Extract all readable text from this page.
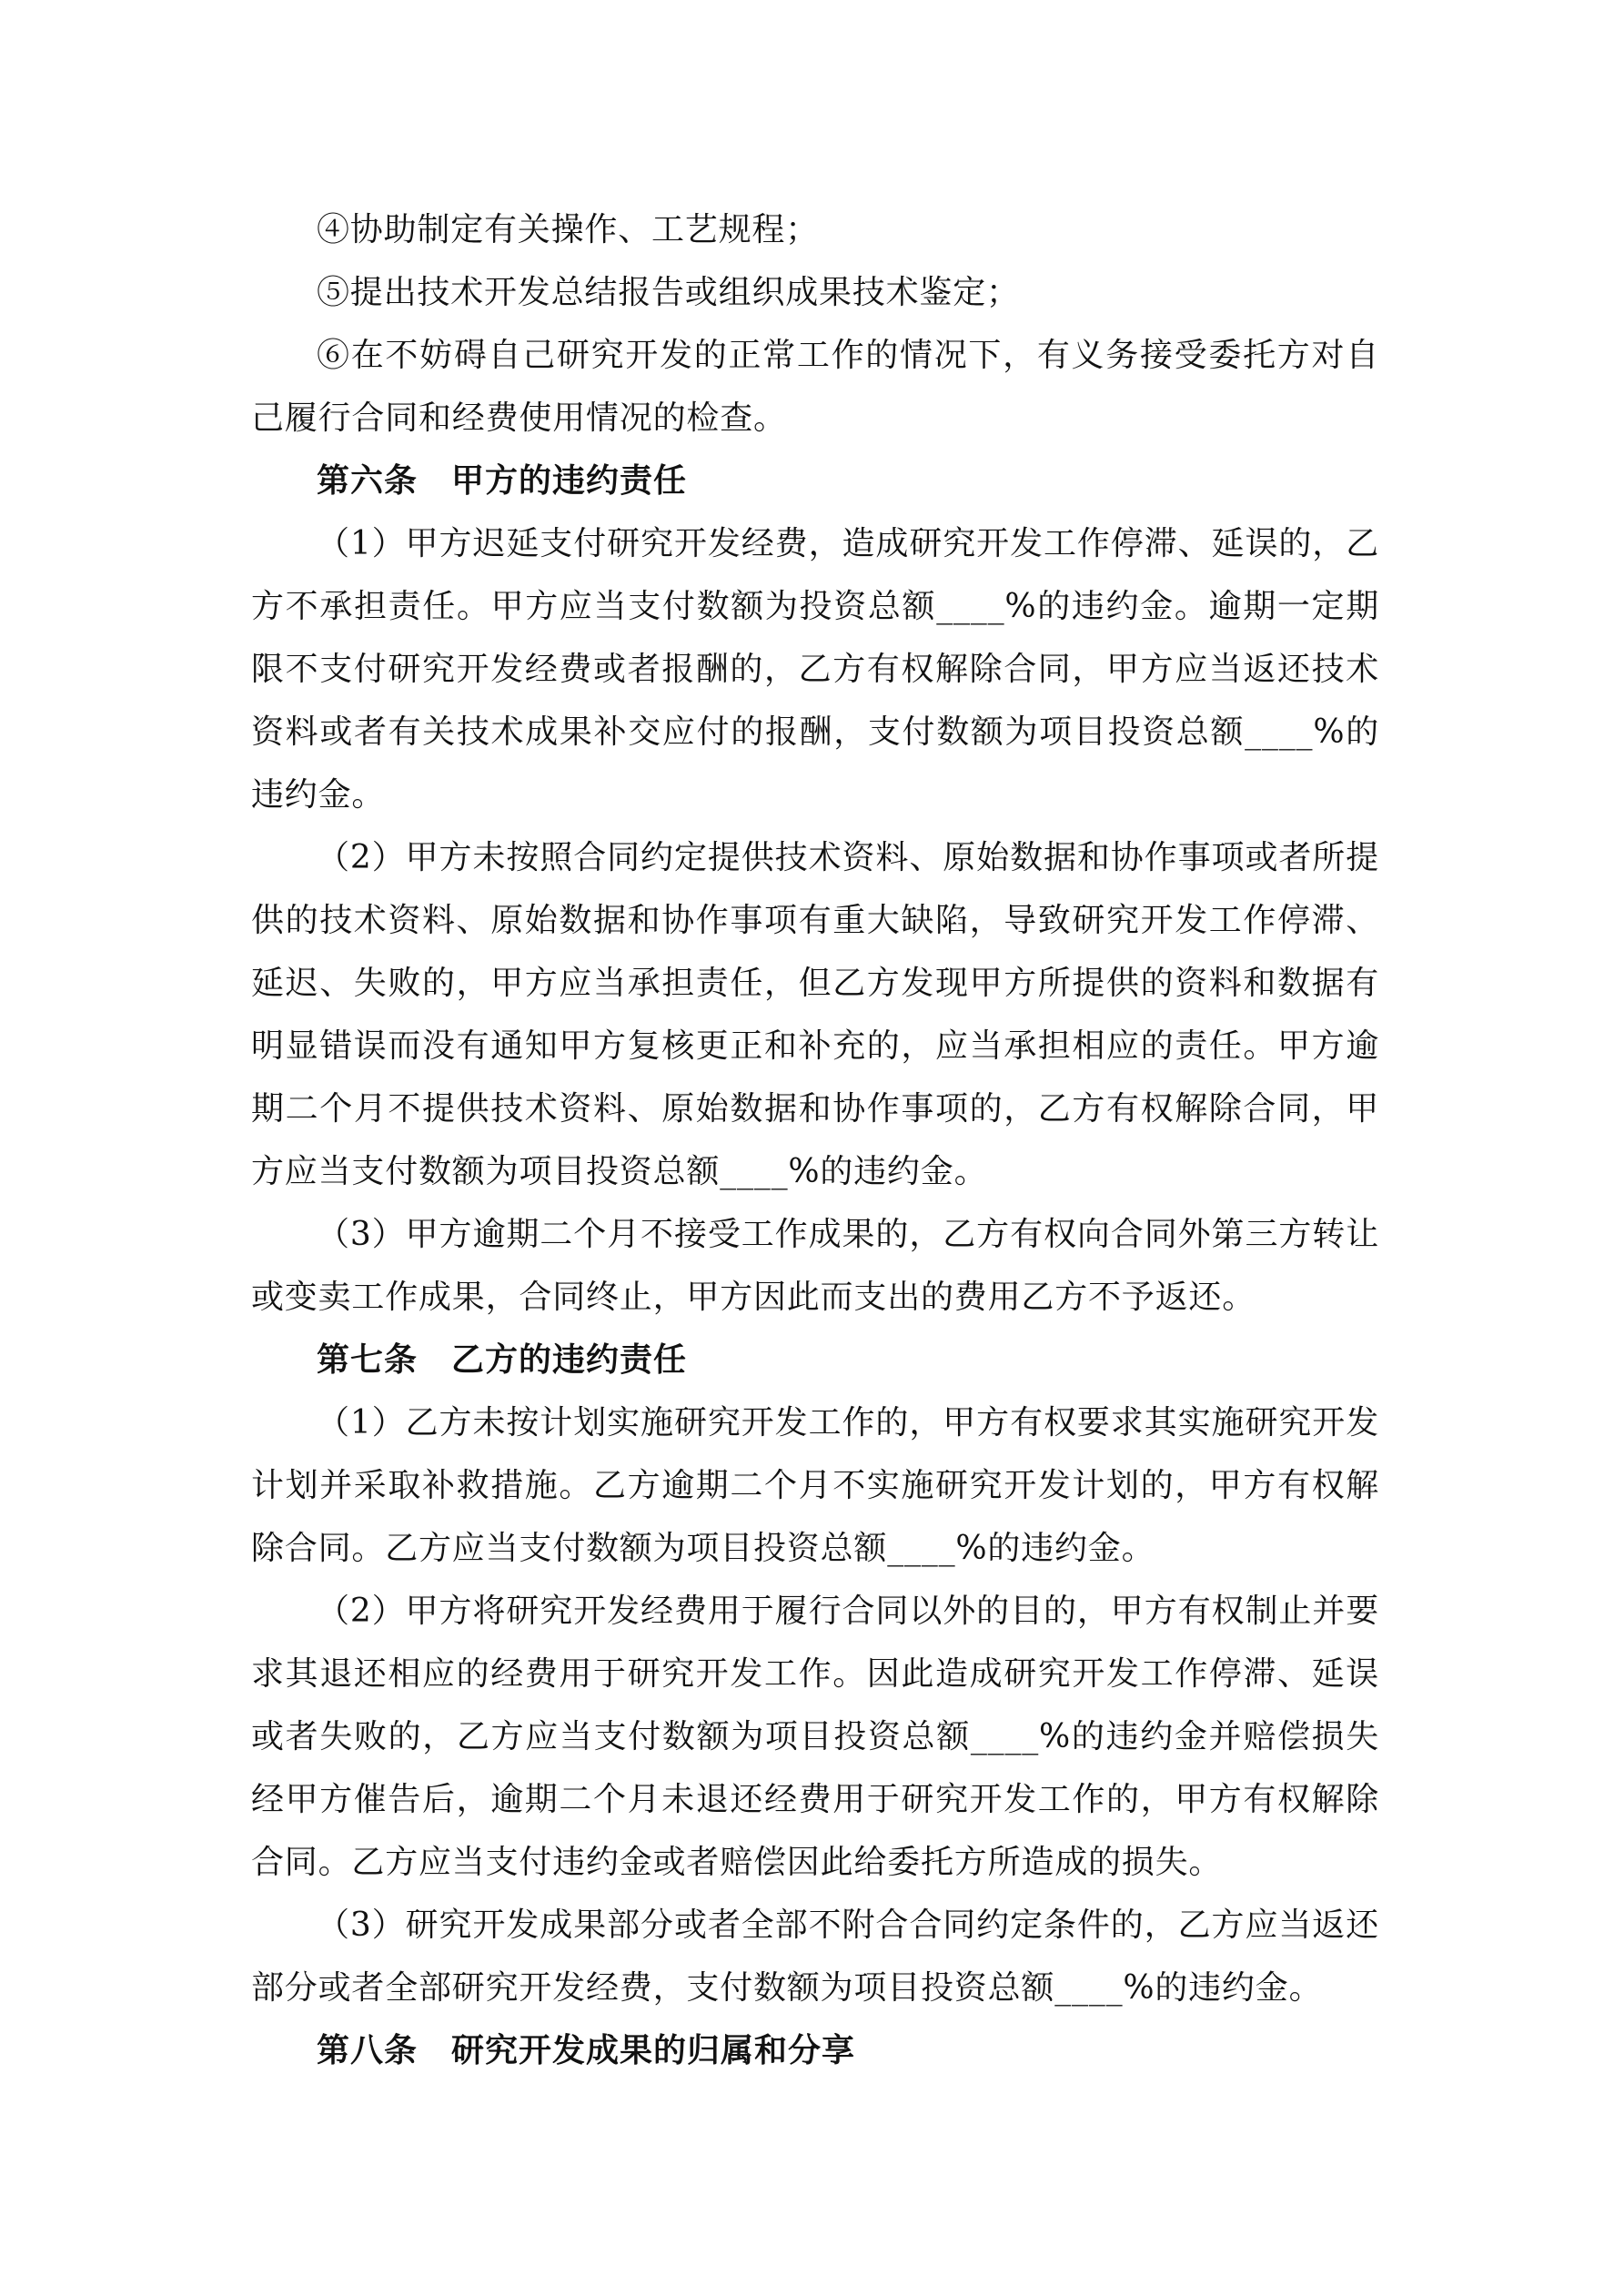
④协助制定有关操作、工艺规程；

⑤提出技术开发总结报告或组织成果技术鉴定；

⑥在不妨碍自己研究开发的正常工作的情况下，有义务接受委托方对自己履行合同和经费使用情况的检查。

第六条　甲方的违约责任

（1）甲方迟延支付研究开发经费，造成研究开发工作停滞、延误的，乙方不承担责任。甲方应当支付数额为投资总额____%的违约金。逾期一定期限不支付研究开发经费或者报酬的，乙方有权解除合同，甲方应当返还技术资料或者有关技术成果补交应付的报酬，支付数额为项目投资总额____%的违约金。

（2）甲方未按照合同约定提供技术资料、原始数据和协作事项或者所提供的技术资料、原始数据和协作事项有重大缺陷，导致研究开发工作停滞、延迟、失败的，甲方应当承担责任，但乙方发现甲方所提供的资料和数据有明显错误而没有通知甲方复核更正和补充的，应当承担相应的责任。甲方逾期二个月不提供技术资料、原始数据和协作事项的，乙方有权解除合同，甲方应当支付数额为项目投资总额____%的违约金。

（3）甲方逾期二个月不接受工作成果的，乙方有权向合同外第三方转让或变卖工作成果，合同终止，甲方因此而支出的费用乙方不予返还。

第七条　乙方的违约责任

（1）乙方未按计划实施研究开发工作的，甲方有权要求其实施研究开发计划并采取补救措施。乙方逾期二个月不实施研究开发计划的，甲方有权解除合同。乙方应当支付数额为项目投资总额____%的违约金。

（2）甲方将研究开发经费用于履行合同以外的目的，甲方有权制止并要求其退还相应的经费用于研究开发工作。因此造成研究开发工作停滞、延误或者失败的，乙方应当支付数额为项目投资总额____%的违约金并赔偿损失经甲方催告后，逾期二个月未退还经费用于研究开发工作的，甲方有权解除合同。乙方应当支付违约金或者赔偿因此给委托方所造成的损失。

（3）研究开发成果部分或者全部不附合合同约定条件的，乙方应当返还部分或者全部研究开发经费，支付数额为项目投资总额____%的违约金。

第八条　研究开发成果的归属和分享
